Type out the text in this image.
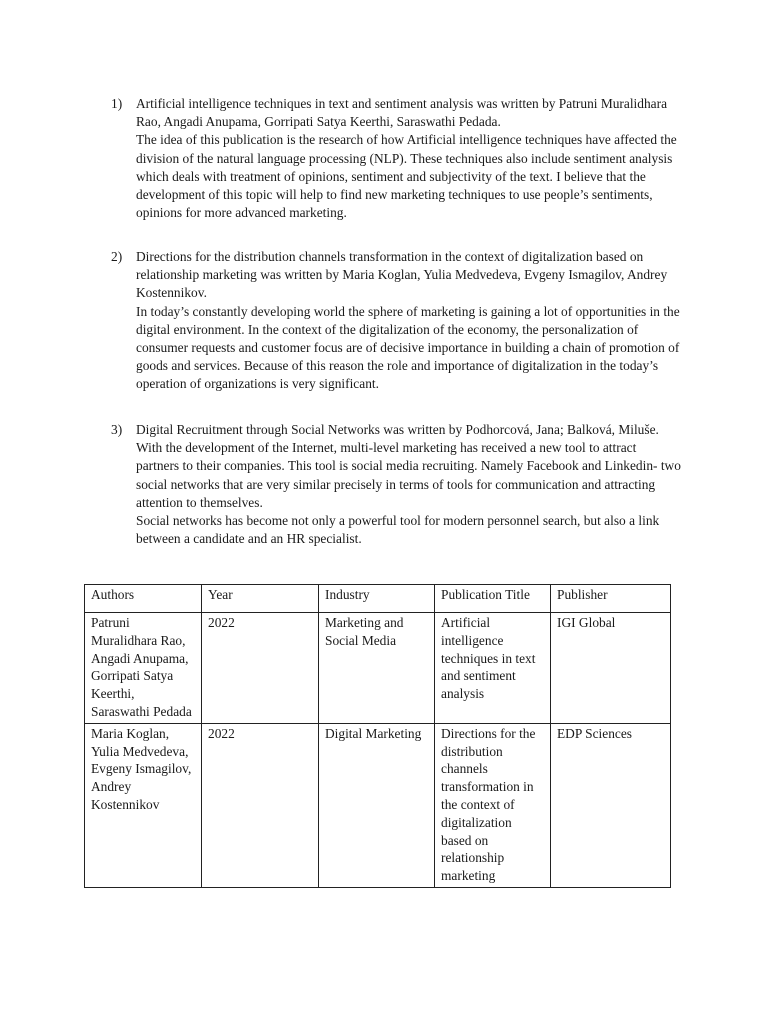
1) Artificial intelligence techniques in text and sentiment analysis was written by Patruni Muralidhara Rao, Angadi Anupama, Gorripati Satya Keerthi, Saraswathi Pedada.

The idea of this publication is the research of how Artificial intelligence techniques have affected the division of the natural language processing (NLP). These techniques also include sentiment analysis which deals with treatment of opinions, sentiment and subjectivity of the text. I believe that the development of this topic will help to find new marketing techniques to use people’s sentiments, opinions for more advanced marketing.

2) Directions for the distribution channels transformation in the context of digitalization based on relationship marketing was written by Maria Koglan, Yulia Medvedeva, Evgeny Ismagilov, Andrey Kostennikov.

In today’s constantly developing world the sphere of marketing is gaining a lot of opportunities in the digital environment. In the context of the digitalization of the economy, the personalization of consumer requests and customer focus are of decisive importance in building a chain of promotion of goods and services. Because of this reason the role and importance of digitalization in the today’s operation of organizations is very significant.

3) Digital Recruitment through Social Networks was written by Podhorcová, Jana; Balková, Miluše.

With the development of the Internet, multi-level marketing has received a new tool to attract partners to their companies. This tool is social media recruiting. Namely Facebook and Linkedin- two social networks that are very similar precisely in terms of tools for communication and attracting attention to themselves.

Social networks has become not only a powerful tool for modern personnel search, but also a link between a candidate and an HR specialist.

Authors	Year	Industry	Publication Title	Publisher
Patruni Muralidhara Rao, Angadi Anupama, Gorripati Satya Keerthi, Saraswathi Pedada	2022	Marketing and Social Media	Artificial intelligence techniques in text and sentiment analysis	IGI Global
Maria Koglan, Yulia Medvedeva, Evgeny Ismagilov, Andrey Kostennikov	2022	Digital Marketing	Directions for the distribution channels transformation in the context of digitalization based on relationship marketing	EDP Sciences
